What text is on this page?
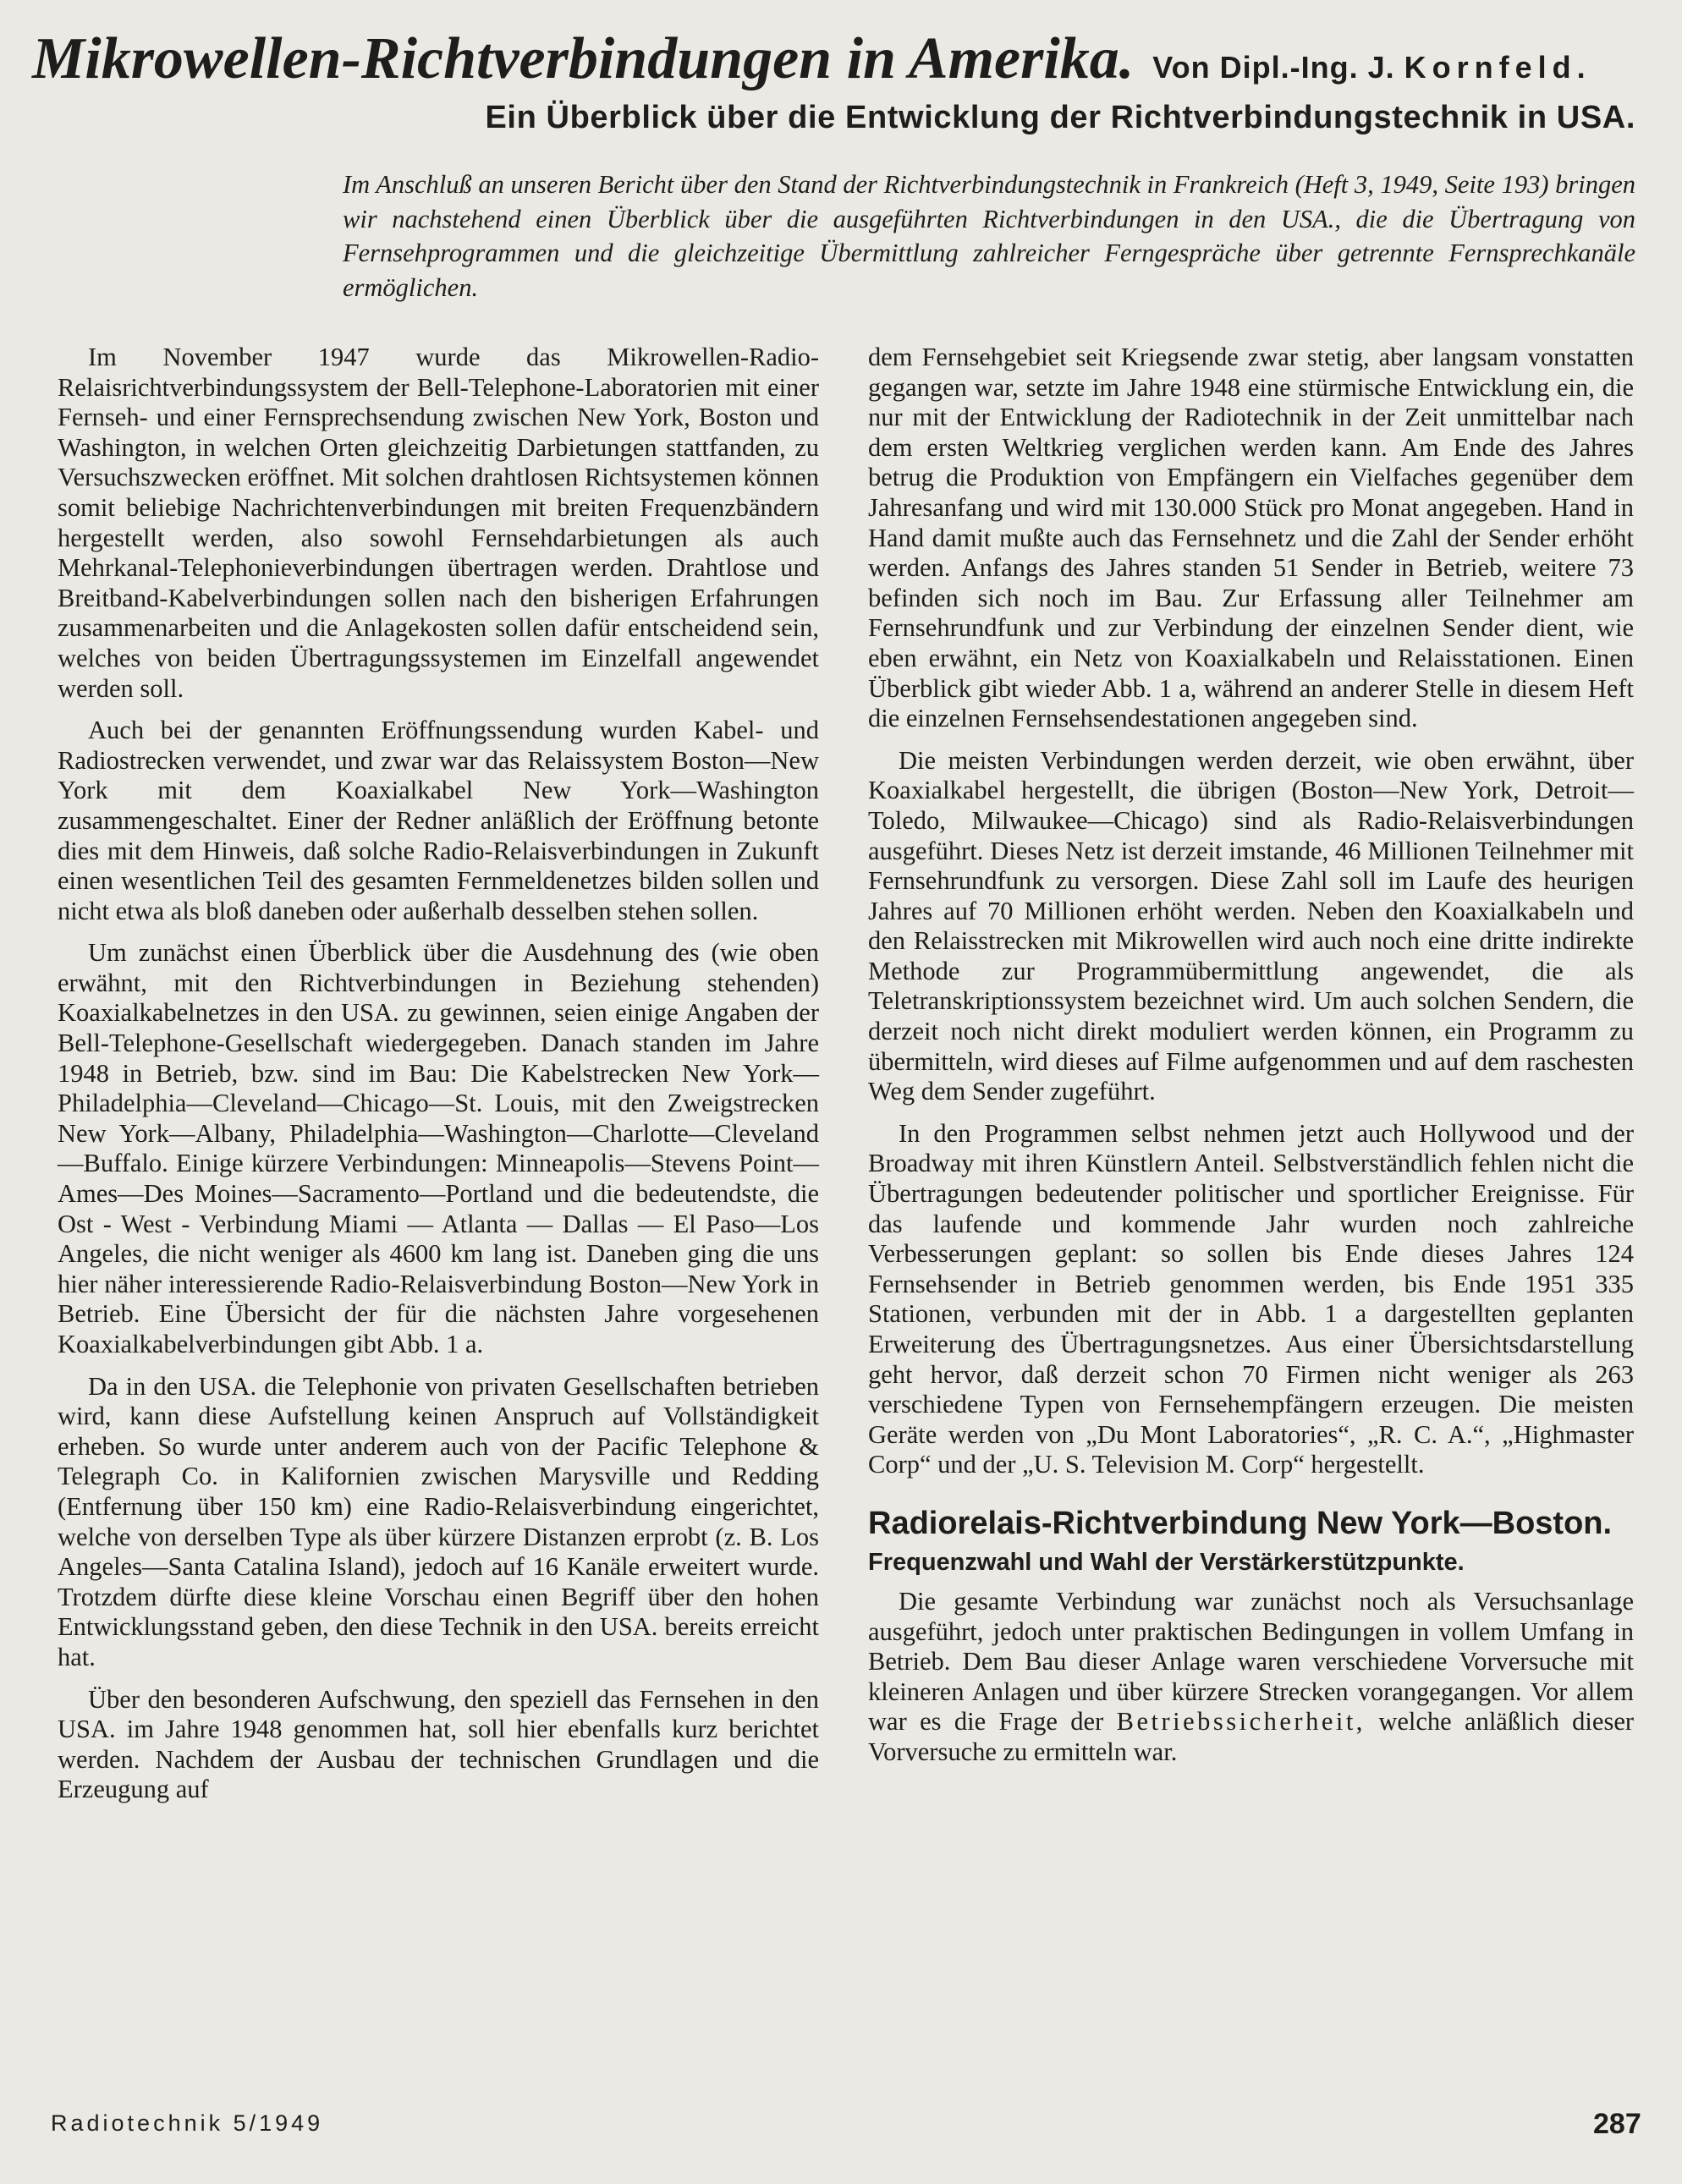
Mikrowellen-Richtverbindungen in Amerika. Von Dipl.-Ing. J. Kornfeld.
Ein Überblick über die Entwicklung der Richtverbindungstechnik in USA.
Im Anschluß an unseren Bericht über den Stand der Richtverbindungstechnik in Frankreich (Heft 3, 1949, Seite 193) bringen wir nachstehend einen Überblick über die ausgeführten Richtverbindungen in den USA., die die Übertragung von Fernsehprogrammen und die gleichzeitige Übermittlung zahlreicher Ferngespräche über getrennte Fernsprechkanäle ermöglichen.

Im November 1947 wurde das Mikrowellen-Radio-Relaisrichtverbindungssystem der Bell-Telephone-Laboratorien mit einer Fernseh- und einer Fernsprechsendung zwischen New York, Boston und Washington, in welchen Orten gleichzeitig Darbietungen stattfanden, zu Versuchszwecken eröffnet. Mit solchen drahtlosen Richtsystemen können somit beliebige Nachrichtenverbindungen mit breiten Frequenzbändern hergestellt werden, also sowohl Fernsehdarbietungen als auch Mehrkanal-Telephonieverbindungen übertragen werden. Drahtlose und Breitband-Kabelverbindungen sollen nach den bisherigen Erfahrungen zusammenarbeiten und die Anlagekosten sollen dafür entscheidend sein, welches von beiden Übertragungssystemen im Einzelfall angewendet werden soll.

Auch bei der genannten Eröffnungssendung wurden Kabel- und Radiostrecken verwendet, und zwar war das Relaissystem Boston—New York mit dem Koaxialkabel New York—Washington zusammengeschaltet. Einer der Redner anläßlich der Eröffnung betonte dies mit dem Hinweis, daß solche Radio-Relaisverbindungen in Zukunft einen wesentlichen Teil des gesamten Fernmeldenetzes bilden sollen und nicht etwa als bloß daneben oder außerhalb desselben stehen sollen.

Um zunächst einen Überblick über die Ausdehnung des (wie oben erwähnt, mit den Richtverbindungen in Beziehung stehenden) Koaxialkabelnetzes in den USA. zu gewinnen, seien einige Angaben der Bell-Telephone-Gesellschaft wiedergegeben. Danach standen im Jahre 1948 in Betrieb, bzw. sind im Bau: Die Kabelstrecken New York—Philadelphia—Cleveland—Chicago—St. Louis, mit den Zweigstrecken New York—Albany, Philadelphia—Washington—Charlotte—Cleveland—Buffalo. Einige kürzere Verbindungen: Minneapolis—Stevens Point—Ames—Des Moines—Sacramento—Portland und die bedeutendste, die Ost - West - Verbindung Miami — Atlanta — Dallas — El Paso—Los Angeles, die nicht weniger als 4600 km lang ist. Daneben ging die uns hier näher interessierende Radio-Relaisverbindung Boston—New York in Betrieb. Eine Übersicht der für die nächsten Jahre vorgesehenen Koaxialkabelverbindungen gibt Abb. 1 a.

Da in den USA. die Telephonie von privaten Gesellschaften betrieben wird, kann diese Aufstellung keinen Anspruch auf Vollständigkeit erheben. So wurde unter anderem auch von der Pacific Telephone & Telegraph Co. in Kalifornien zwischen Marysville und Redding (Entfernung über 150 km) eine Radio-Relaisverbindung eingerichtet, welche von derselben Type als über kürzere Distanzen erprobt (z. B. Los Angeles—Santa Catalina Island), jedoch auf 16 Kanäle erweitert wurde. Trotzdem dürfte diese kleine Vorschau einen Begriff über den hohen Entwicklungsstand geben, den diese Technik in den USA. bereits erreicht hat.

Über den besonderen Aufschwung, den speziell das Fernsehen in den USA. im Jahre 1948 genommen hat, soll hier ebenfalls kurz berichtet werden. Nachdem der Ausbau der technischen Grundlagen und die Erzeugung auf

dem Fernsehgebiet seit Kriegsende zwar stetig, aber langsam vonstatten gegangen war, setzte im Jahre 1948 eine stürmische Entwicklung ein, die nur mit der Entwicklung der Radiotechnik in der Zeit unmittelbar nach dem ersten Weltkrieg verglichen werden kann. Am Ende des Jahres betrug die Produktion von Empfängern ein Vielfaches gegenüber dem Jahresanfang und wird mit 130.000 Stück pro Monat angegeben. Hand in Hand damit mußte auch das Fernsehnetz und die Zahl der Sender erhöht werden. Anfangs des Jahres standen 51 Sender in Betrieb, weitere 73 befinden sich noch im Bau. Zur Erfassung aller Teilnehmer am Fernsehrundfunk und zur Verbindung der einzelnen Sender dient, wie eben erwähnt, ein Netz von Koaxialkabeln und Relaisstationen. Einen Überblick gibt wieder Abb. 1 a, während an anderer Stelle in diesem Heft die einzelnen Fernsehsendestationen angegeben sind.

Die meisten Verbindungen werden derzeit, wie oben erwähnt, über Koaxialkabel hergestellt, die übrigen (Boston—New York, Detroit—Toledo, Milwaukee—Chicago) sind als Radio-Relaisverbindungen ausgeführt. Dieses Netz ist derzeit imstande, 46 Millionen Teilnehmer mit Fernsehrundfunk zu versorgen. Diese Zahl soll im Laufe des heurigen Jahres auf 70 Millionen erhöht werden. Neben den Koaxialkabeln und den Relaisstrecken mit Mikrowellen wird auch noch eine dritte indirekte Methode zur Programmübermittlung angewendet, die als Teletranskriptionssystem bezeichnet wird. Um auch solchen Sendern, die derzeit noch nicht direkt moduliert werden können, ein Programm zu übermitteln, wird dieses auf Filme aufgenommen und auf dem raschesten Weg dem Sender zugeführt.

In den Programmen selbst nehmen jetzt auch Hollywood und der Broadway mit ihren Künstlern Anteil. Selbstverständlich fehlen nicht die Übertragungen bedeutender politischer und sportlicher Ereignisse. Für das laufende und kommende Jahr wurden noch zahlreiche Verbesserungen geplant: so sollen bis Ende dieses Jahres 124 Fernsehsender in Betrieb genommen werden, bis Ende 1951 335 Stationen, verbunden mit der in Abb. 1 a dargestellten geplanten Erweiterung des Übertragungsnetzes. Aus einer Übersichtsdarstellung geht hervor, daß derzeit schon 70 Firmen nicht weniger als 263 verschiedene Typen von Fernsehempfängern erzeugen. Die meisten Geräte werden von „Du Mont Laboratories“, „R. C. A.“, „Highmaster Corp“ und der „U. S. Television M. Corp“ hergestellt.

Radiorelais-Richtverbindung New York—Boston.
Frequenzwahl und Wahl der Verstärkerstützpunkte.

Die gesamte Verbindung war zunächst noch als Versuchsanlage ausgeführt, jedoch unter praktischen Bedingungen in vollem Umfang in Betrieb. Dem Bau dieser Anlage waren verschiedene Vorversuche mit kleineren Anlagen und über kürzere Strecken vorangegangen. Vor allem war es die Frage der Betriebssicherheit, welche anläßlich dieser Vorversuche zu ermitteln war.

Radiotechnik 5/1949	287
